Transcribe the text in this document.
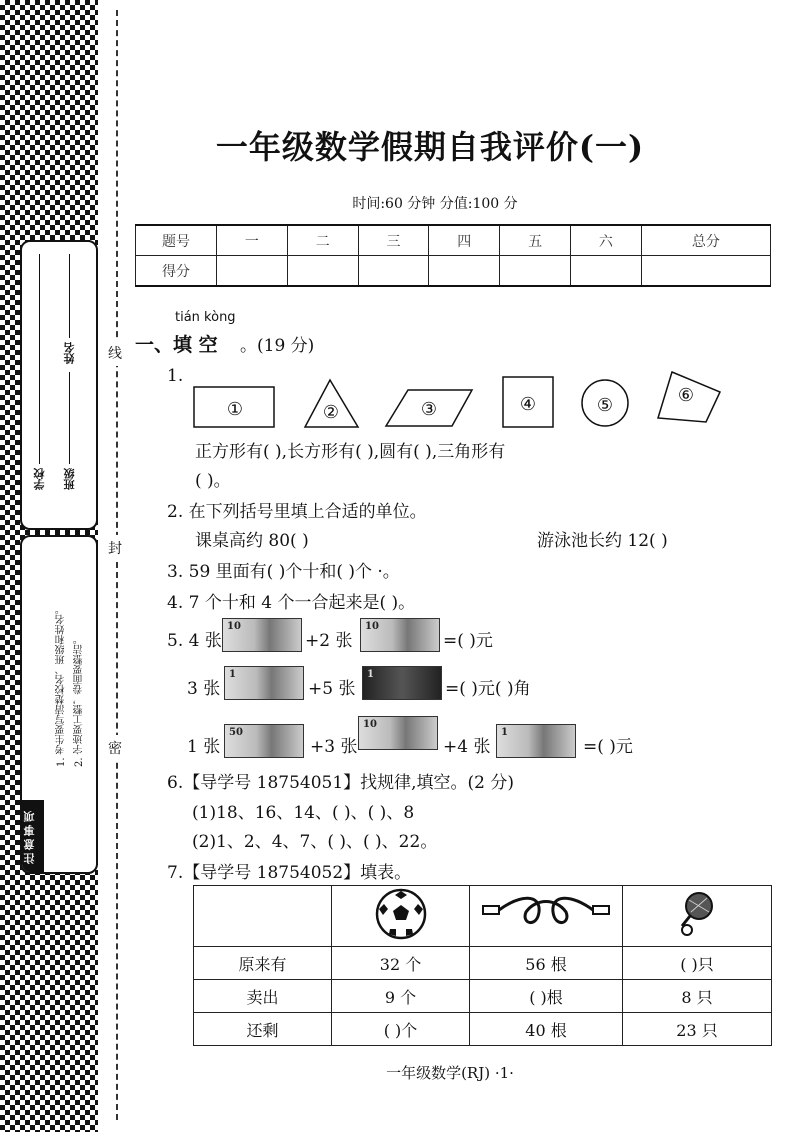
线
封
密
学校 班级
姓名
1. 考生要写清楚校名、班级和姓名。 2. 字迹要工整，卷面要整洁。
注意事项
一年级数学假期自我评价(一)
时间:60 分钟 分值:100 分
题号	一	二	三	四	五	六	总分
得分							
tián kòng
一、填 空 。(19 分)
1.
①	②	③	④	⑤	⑥
正方形有( ),长方形有( ),圆有( ),三角形有
( )。
2. 在下列括号里填上合适的单位。
课桌高约 80( )	游泳池长约 12( )
3. 59 里面有( )个十和( )个 ·。
4. 7 个十和 4 个一合起来是( )。
5. 4 张
10
+2 张
10
=( )元
3 张
1
+5 张
1
=( )元( )角
1 张
50
+3 张
10
+4 张
1
=( )元
6.【导学号 18754051】找规律,填空。(2 分)
(1)18、16、14、( )、( )、8
(2)1、2、4、7、( )、( )、22。
7.【导学号 18754052】填表。

原来有	32 个	56 根	( )只
卖出	9 个	( )根	8 只
还剩	( )个	40 根	23 只
一年级数学(RJ) ·1·
